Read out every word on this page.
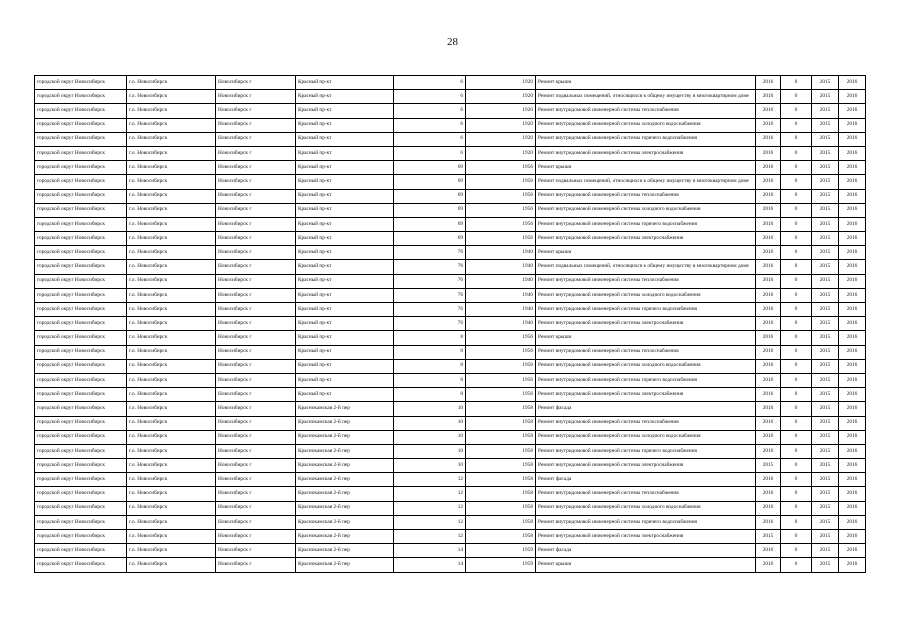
28
городской округ Новосибирск	г.о. Новосибирск	Новосибирск г	Красный пр-кт	6	1920	Ремонт крыши	2016	0	2015	2016
городской округ Новосибирск	г.о. Новосибирск	Новосибирск г	Красный пр-кт	6	1920	Ремонт подвальных помещений, относящихся к общему имуществу в многоквартирном доме	2016	0	2015	2016
городской округ Новосибирск	г.о. Новосибирск	Новосибирск г	Красный пр-кт	6	1920	Ремонт внутридомовой инженерной системы теплоснабжения	2016	0	2015	2016
городской округ Новосибирск	г.о. Новосибирск	Новосибирск г	Красный пр-кт	6	1920	Ремонт внутридомовой инженерной системы холодного водоснабжения	2016	0	2015	2016
городской округ Новосибирск	г.о. Новосибирск	Новосибирск г	Красный пр-кт	6	1920	Ремонт внутридомовой инженерной системы горячего водоснабжения	2016	0	2015	2016
городской округ Новосибирск	г.о. Новосибирск	Новосибирск г	Красный пр-кт	6	1920	Ремонт внутридомовой инженерной системы электроснабжения	2016	0	2015	2016
городской округ Новосибирск	г.о. Новосибирск	Новосибирск г	Красный пр-кт	69	1956	Ремонт крыши	2016	0	2015	2016
городской округ Новосибирск	г.о. Новосибирск	Новосибирск г	Красный пр-кт	69	1956	Ремонт подвальных помещений, относящихся к общему имуществу в многоквартирном доме	2016	0	2015	2016
городской округ Новосибирск	г.о. Новосибирск	Новосибирск г	Красный пр-кт	69	1956	Ремонт внутридомовой инженерной системы теплоснабжения	2016	0	2015	2016
городской округ Новосибирск	г.о. Новосибирск	Новосибирск г	Красный пр-кт	69	1956	Ремонт внутридомовой инженерной системы холодного водоснабжения	2016	0	2015	2016
городской округ Новосибирск	г.о. Новосибирск	Новосибирск г	Красный пр-кт	69	1956	Ремонт внутридомовой инженерной системы горячего водоснабжения	2016	0	2015	2016
городской округ Новосибирск	г.о. Новосибирск	Новосибирск г	Красный пр-кт	69	1956	Ремонт внутридомовой инженерной системы электроснабжения	2016	0	2015	2016
городской округ Новосибирск	г.о. Новосибирск	Новосибирск г	Красный пр-кт	76	1940	Ремонт крыши	2016	0	2015	2016
городской округ Новосибирск	г.о. Новосибирск	Новосибирск г	Красный пр-кт	76	1940	Ремонт подвальных помещений, относящихся к общему имуществу в многоквартирном доме	2016	0	2015	2016
городской округ Новосибирск	г.о. Новосибирск	Новосибирск г	Красный пр-кт	76	1940	Ремонт внутридомовой инженерной системы теплоснабжения	2016	0	2015	2016
городской округ Новосибирск	г.о. Новосибирск	Новосибирск г	Красный пр-кт	76	1940	Ремонт внутридомовой инженерной системы холодного водоснабжения	2016	0	2015	2016
городской округ Новосибирск	г.о. Новосибирск	Новосибирск г	Красный пр-кт	76	1940	Ремонт внутридомовой инженерной системы горячего водоснабжения	2016	0	2015	2016
городской округ Новосибирск	г.о. Новосибирск	Новосибирск г	Красный пр-кт	76	1940	Ремонт внутридомовой инженерной системы электроснабжения	2016	0	2015	2016
городской округ Новосибирск	г.о. Новосибирск	Новосибирск г	Красный пр-кт	8	1956	Ремонт крыши	2016	0	2015	2016
городской округ Новосибирск	г.о. Новосибирск	Новосибирск г	Красный пр-кт	8	1956	Ремонт внутридомовой инженерной системы теплоснабжения	2016	0	2015	2016
городской округ Новосибирск	г.о. Новосибирск	Новосибирск г	Красный пр-кт	8	1956	Ремонт внутридомовой инженерной системы холодного водоснабжения	2016	0	2015	2016
городской округ Новосибирск	г.о. Новосибирск	Новосибирск г	Красный пр-кт	8	1956	Ремонт внутридомовой инженерной системы горячего водоснабжения	2016	0	2015	2016
городской округ Новосибирск	г.о. Новосибирск	Новосибирск г	Красный пр-кт	8	1956	Ремонт внутридомовой инженерной системы электроснабжения	2016	0	2015	2016
городской округ Новосибирск	г.о. Новосибирск	Новосибирск г	Краснокамская 2-й пер	10	1958	Ремонт фасада	2016	0	2015	2016
городской округ Новосибирск	г.о. Новосибирск	Новосибирск г	Краснокамская 2-й пер	10	1958	Ремонт внутридомовой инженерной системы теплоснабжения	2016	0	2015	2016
городской округ Новосибирск	г.о. Новосибирск	Новосибирск г	Краснокамская 2-й пер	10	1958	Ремонт внутридомовой инженерной системы холодного водоснабжения	2016	0	2015	2016
городской округ Новосибирск	г.о. Новосибирск	Новосибирск г	Краснокамская 2-й пер	10	1958	Ремонт внутридомовой инженерной системы горячего водоснабжения	2016	0	2015	2016
городской округ Новосибирск	г.о. Новосибирск	Новосибирск г	Краснокамская 2-й пер	10	1958	Ремонт внутридомовой инженерной системы электроснабжения	2015	0	2015	2016
городской округ Новосибирск	г.о. Новосибирск	Новосибирск г	Краснокамская 2-й пер	12	1958	Ремонт фасада	2016	0	2015	2016
городской округ Новосибирск	г.о. Новосибирск	Новосибирск г	Краснокамская 2-й пер	12	1958	Ремонт внутридомовой инженерной системы теплоснабжения	2016	0	2015	2016
городской округ Новосибирск	г.о. Новосибирск	Новосибирск г	Краснокамская 2-й пер	12	1958	Ремонт внутридомовой инженерной системы холодного водоснабжения	2016	0	2015	2016
городской округ Новосибирск	г.о. Новосибирск	Новосибирск г	Краснокамская 2-й пер	12	1958	Ремонт внутридомовой инженерной системы горячего водоснабжения	2016	0	2015	2016
городской округ Новосибирск	г.о. Новосибирск	Новосибирск г	Краснокамская 2-й пер	12	1958	Ремонт внутридомовой инженерной системы электроснабжения	2015	0	2015	2016
городской округ Новосибирск	г.о. Новосибирск	Новосибирск г	Краснокамская 2-й пер	14	1959	Ремонт фасада	2016	0	2015	2016
городской округ Новосибирск	г.о. Новосибирск	Новосибирск г	Краснокамская 2-й пер	14	1959	Ремонт крыши	2016	0	2015	2016
